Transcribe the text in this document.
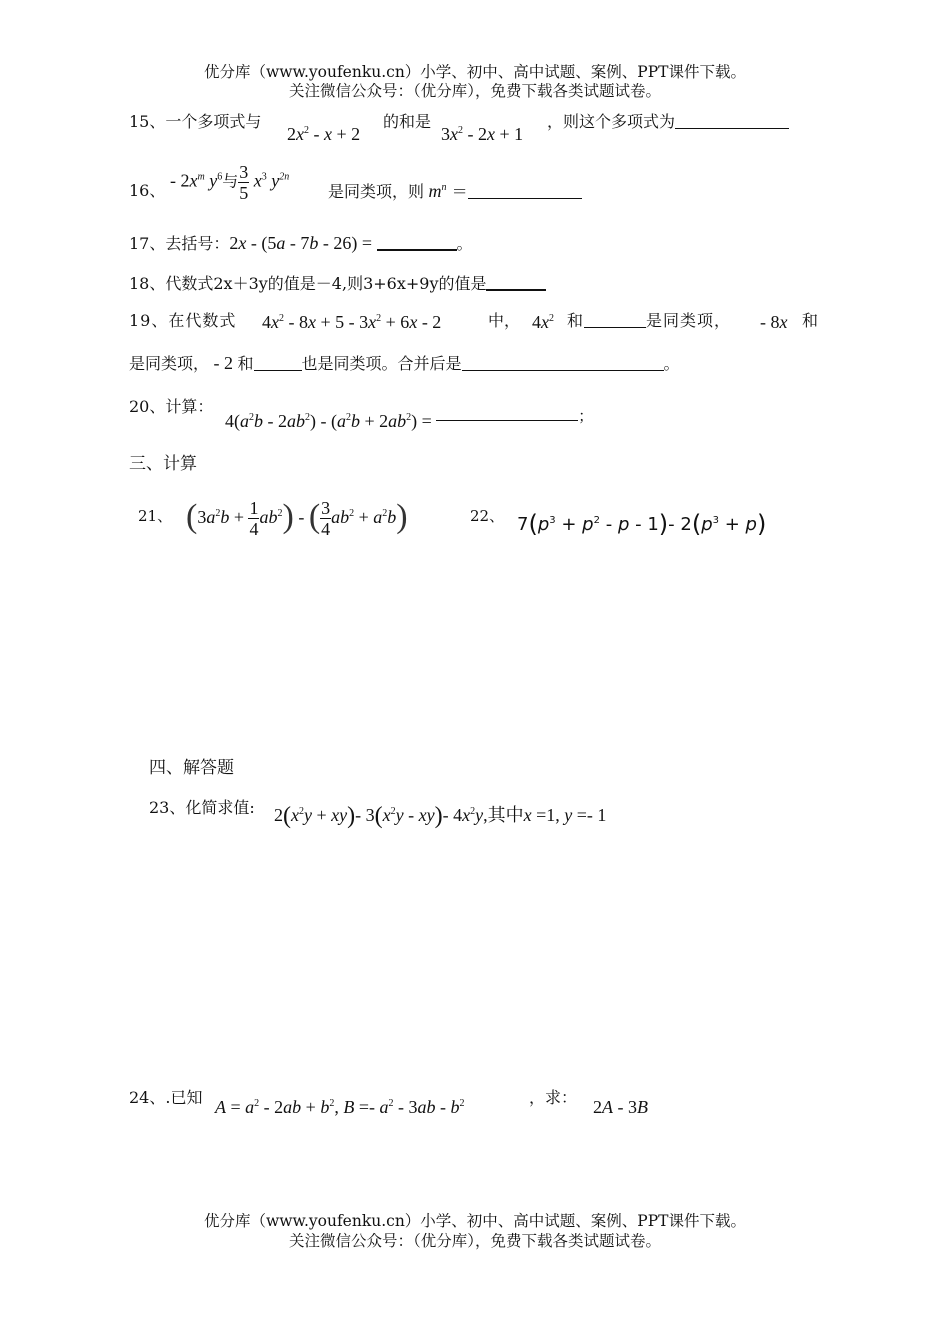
优分库（www.youfenku.cn）小学、初中、高中试题、案例、PPT课件下载。
关注微信公众号：（优分库），免费下载各类试题试卷。
15、一个多项式与
$2x^2 - x + 2$
的和是
$3x^2 - 2x + 1$
，则这个多项式为
16、 - $2x^m$ $y^6$与 $\frac{3}{5} x^3$ $y^{2n}$
是同类项，则 $m^n$ ＝
17、去括号：2x - (5a - 7b - 26) =	。
18、代数式2x＋3y的值是－4,则3+6x+9y的值是
19、在代数式 $4x^2 - 8x + 5 - 3x^2 + 6x - 2$	中， $4x^2$ 和	是同类项， - 8x 和
是同类项， - 2 和	也是同类项。合并后是	。
20、计算：
$4(a^2b - 2ab^2) - (a^2b + 2ab^2)$ =	；
三、计算
21、 $(3a^2b + \frac{1}{4} ab^2)$ - ( $\frac{3}{4} ab^2 + a^2b$)	22、 $7(p^3 + p^2 - p - 1)-$ $2(p^3 + p)$
四、解答题
23、化简求值: $2(x^2y + xy)-$ $3(x^2y - xy)-$ $4x^2y$,其中x =1, y =- 1
24、.已知 $A = a^2 - 2ab + b^2$, $B =- a^2 - 3ab - b^2$	，求： 2A - 3B
优分库（www.youfenku.cn）小学、初中、高中试题、案例、PPT课件下载。
关注微信公众号：（优分库），免费下载各类试题试卷。
